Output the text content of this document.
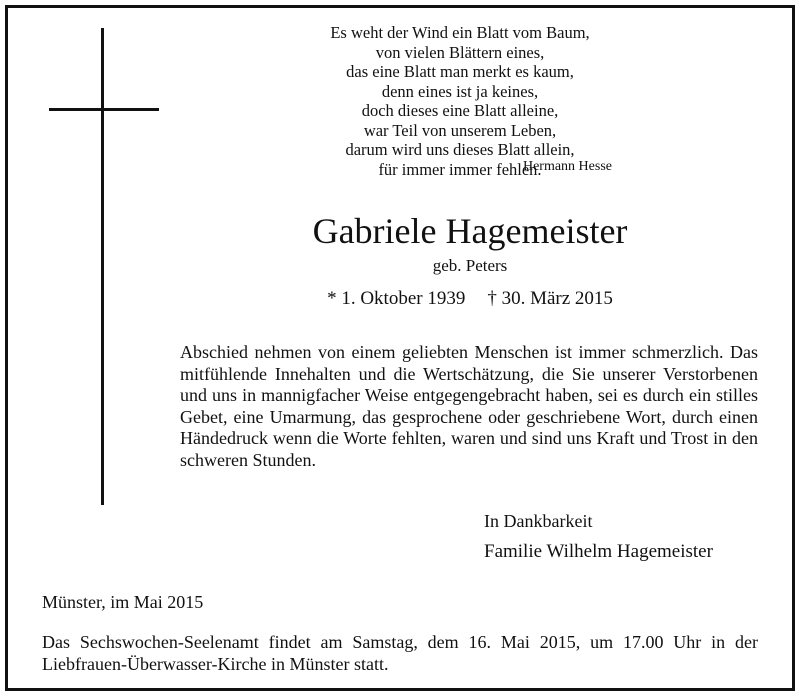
Es weht der Wind ein Blatt vom Baum,
von vielen Blättern eines,
das eine Blatt man merkt es kaum,
denn eines ist ja keines,
doch dieses eine Blatt alleine,
war Teil von unserem Leben,
darum wird uns dieses Blatt allein,
für immer immer fehlen.
Hermann Hesse
Gabriele Hagemeister
geb. Peters
* 1. Oktober 1939 † 30. März 2015
Abschied nehmen von einem geliebten Menschen ist immer schmerzlich. Das mitfühlende Innehalten und die Wertschätzung, die Sie unserer Verstorbenen und uns in mannigfacher Weise entgegengebracht haben, sei es durch ein stilles Gebet, eine Umarmung, das gesprochene oder geschriebene Wort, durch einen Händedruck wenn die Worte fehlten, waren und sind uns Kraft und Trost in den schweren Stunden.
In Dankbarkeit
Familie Wilhelm Hagemeister
Münster, im Mai 2015
Das Sechswochen-Seelenamt findet am Samstag, dem 16. Mai 2015, um 17.00 Uhr in der Liebfrauen-Überwasser-Kirche in Münster statt.
